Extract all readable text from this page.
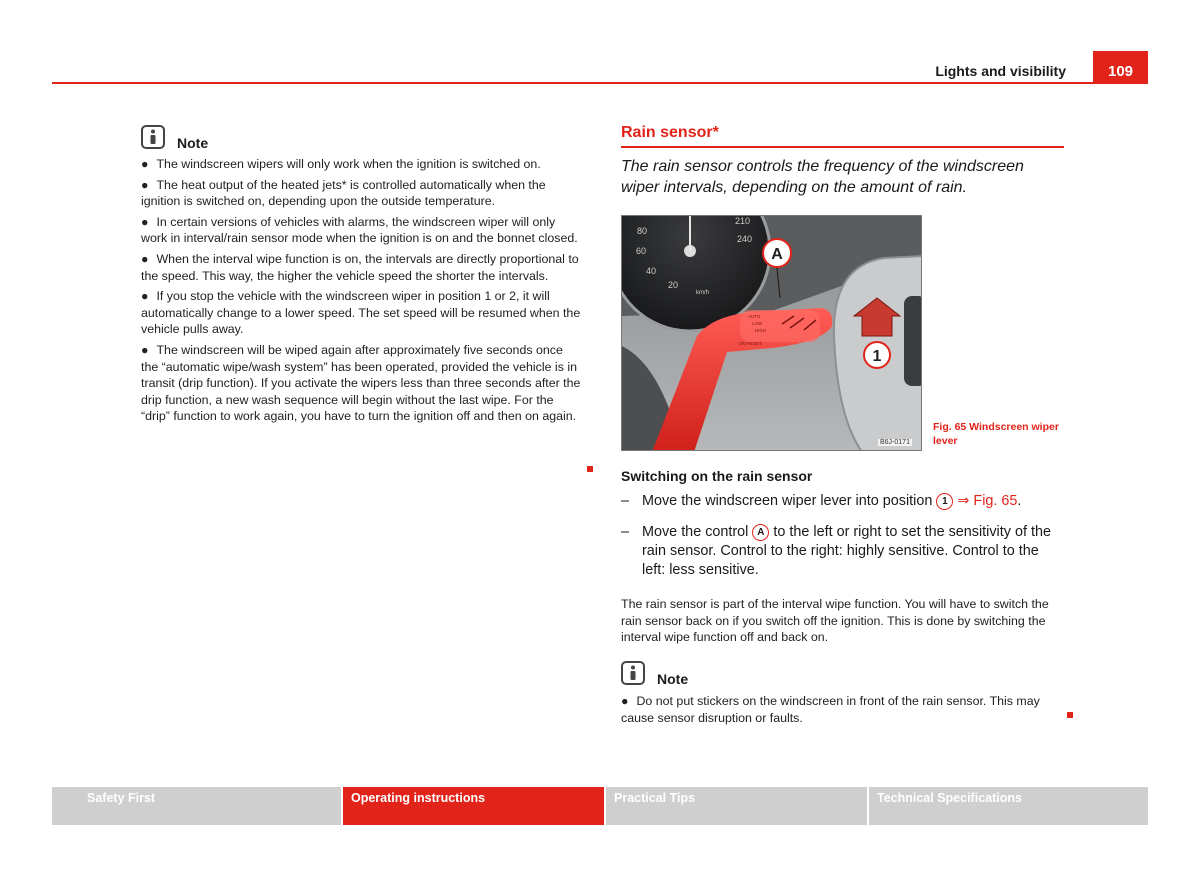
Lights and visibility	109
Note

● The windscreen wipers will only work when the ignition is switched on.

● The heat output of the heated jets* is controlled automatically when the ignition is switched on, depending upon the outside temperature.

● In certain versions of vehicles with alarms, the windscreen wiper will only work in interval/rain sensor mode when the ignition is on and the bonnet closed.

● When the interval wipe function is on, the intervals are directly proportional to the speed. This way, the higher the vehicle speed the shorter the intervals.

● If you stop the vehicle with the windscreen wiper in position 1 or 2, it will automatically change to a lower speed. The set speed will be resumed when the vehicle pulls away.

● The windscreen will be wiped again after approximately five seconds once the “automatic wipe/wash system” has been operated, provided the vehicle is in transit (drip function). If you activate the wipers less than three seconds after the drip function, a new wash sequence will begin without the last wipe. For the “drip” function to work again, you have to turn the ignition off and then on again.

Rain sensor*
The rain sensor controls the frequency of the windscreen wiper intervals, depending on the amount of rain.
80
60
40
20
210
240
km/h
AUTO
LOW
HIGH
ON RESET
A
1
B6J-0171
Fig. 65 Windscreen wiper lever
Switching on the rain sensor
– Move the windscreen wiper lever into position 1 ⇒ Fig. 65.
– Move the control A to the left or right to set the sensitivity of the rain sensor. Control to the right: highly sensitive. Control to the left: less sensitive.
The rain sensor is part of the interval wipe function. You will have to switch the rain sensor back on if you switch off the ignition. This is done by switching the interval wipe function off and back on.
Note
● Do not put stickers on the windscreen in front of the rain sensor. This may cause sensor disruption or faults.
Safety First	Operating instructions	Practical Tips	Technical Specifications
